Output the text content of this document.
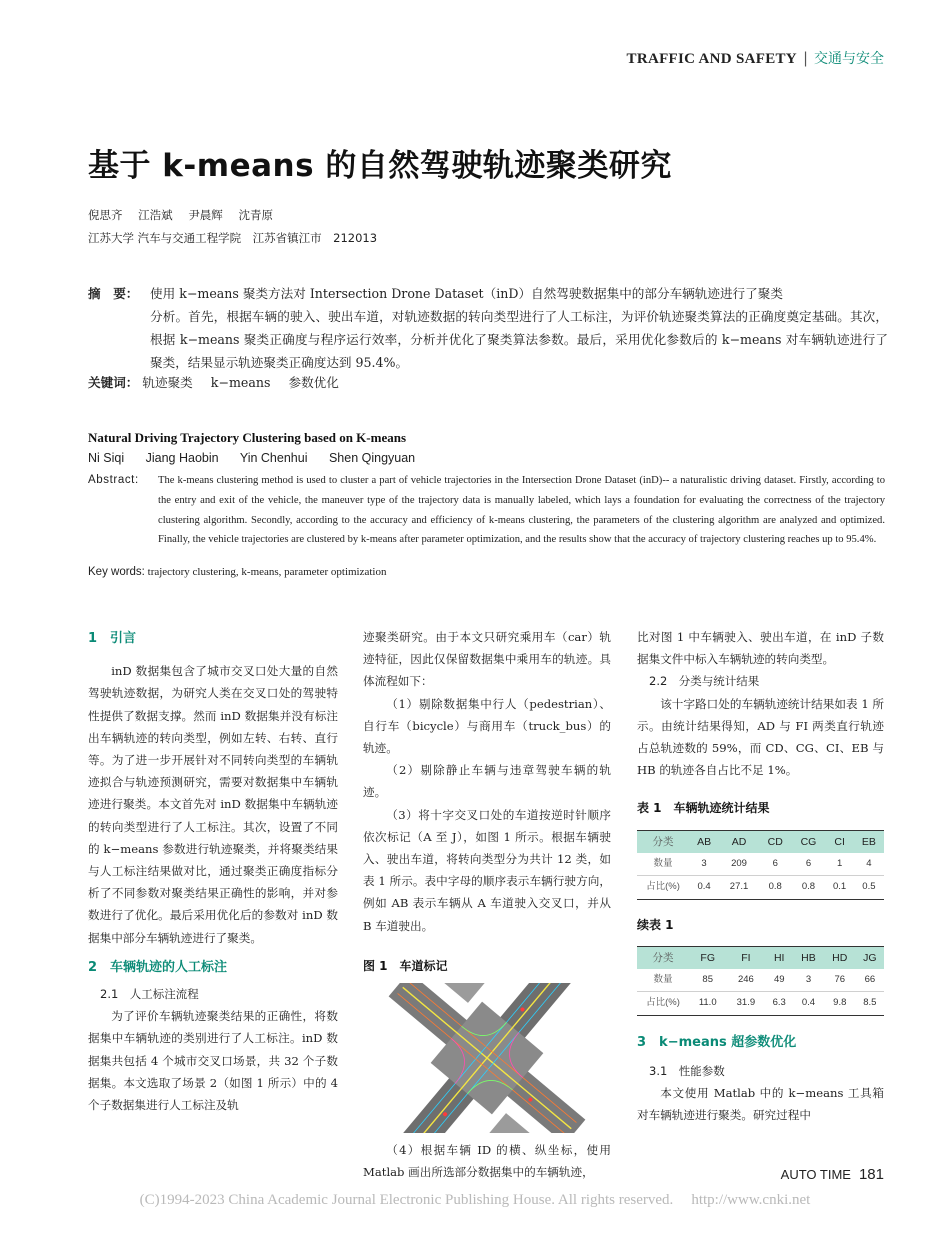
TRAFFIC AND SAFETY | 交通与安全
基于 k-means 的自然驾驶轨迹聚类研究
倪思齐 江浩斌 尹晨辉 沈青原
江苏大学 汽车与交通工程学院　江苏省镇江市　212013
摘　要： 使用 k−means 聚类方法对 Intersection Drone Dataset（inD）自然驾驶数据集中的部分车辆轨迹进行了聚类
分析。首先，根据车辆的驶入、驶出车道，对轨迹数据的转向类型进行了人工标注，为评价轨迹聚类算法的正确度奠定基础。其次，根据 k−means 聚类正确度与程序运行效率，分析并优化了聚类算法参数。最后，采用优化参数后的 k−means 对车辆轨迹进行了聚类，结果显示轨迹聚类正确度达到 95.4%。
关键词： 轨迹聚类 k−means 参数优化
Natural Driving Trajectory Clustering based on K-means
Ni Siqi Jiang Haobin Yin Chenhui Shen Qingyuan
Abstract: The k-means clustering method is used to cluster a part of vehicle trajectories in the Intersection Drone Dataset (inD)-- a naturalistic driving dataset. Firstly, according to the entry and exit of the vehicle, the maneuver type of the trajectory data is manually labeled, which lays a foundation for evaluating the correctness of the trajectory clustering algorithm. Secondly, according to the accuracy and efficiency of k-means clustering, the parameters of the clustering algorithm are analyzed and optimized. Finally, the vehicle trajectories are clustered by k-means after parameter optimization, and the results show that the accuracy of trajectory clustering reaches up to 95.4%.
Key words: trajectory clustering, k-means, parameter optimization
1　引言

inD 数据集包含了城市交叉口处大量的自然驾驶轨迹数据，为研究人类在交叉口处的驾驶特性提供了数据支撑。然而 inD 数据集并没有标注出车辆轨迹的转向类型，例如左转、右转、直行等。为了进一步开展针对不同转向类型的车辆轨迹拟合与轨迹预测研究，需要对数据集中车辆轨迹进行聚类。本文首先对 inD 数据集中车辆轨迹的转向类型进行了人工标注。其次，设置了不同的 k−means 参数进行轨迹聚类，并将聚类结果与人工标注结果做对比，通过聚类正确度指标分析了不同参数对聚类结果正确性的影响，并对参数进行了优化。最后采用优化后的参数对 inD 数据集中部分车辆轨迹进行了聚类。

2　车辆轨迹的人工标注
2.1　人工标注流程

为了评价车辆轨迹聚类结果的正确性，将数据集中车辆轨迹的类别进行了人工标注。inD 数据集共包括 4 个城市交叉口场景，共 32 个子数据集。本文选取了场景 2（如图 1 所示）中的 4 个子数据集进行人工标注及轨

迹聚类研究。由于本文只研究乘用车（car）轨迹特征，因此仅保留数据集中乘用车的轨迹。具体流程如下：

（1）剔除数据集中行人（pedestrian）、自行车（bicycle）与商用车（truck_bus）的轨迹。

（2）剔除静止车辆与违章驾驶车辆的轨迹。

（3）将十字交叉口处的车道按逆时针顺序依次标记（A 至 J），如图 1 所示。根据车辆驶入、驶出车道，将转向类型分为共计 12 类，如表 1 所示。表中字母的顺序表示车辆行驶方向，例如 AB 表示车辆从 A 车道驶入交叉口，并从 B 车道驶出。

图 1　车道标记

（4）根据车辆 ID 的横、纵坐标，使用 Matlab 画出所选部分数据集中的车辆轨迹，

比对图 1 中车辆驶入、驶出车道，在 inD 子数据集文件中标入车辆轨迹的转向类型。

2.2　分类与统计结果

该十字路口处的车辆轨迹统计结果如表 1 所示。由统计结果得知，AD 与 FI 两类直行轨迹占总轨迹数的 59%，而 CD、CG、CI、EB 与 HB 的轨迹各自占比不足 1%。

表 1　车辆轨迹统计结果
分类	AB	AD	CD	CG	CI	EB
数量	3	209	6	6	1	4
占比(%)	0.4	27.1	0.8	0.8	0.1	0.5
续表 1
分类	FG	FI	HI	HB	HD	JG
数量	85	246	49	3	76	66
占比(%)	11.0	31.9	6.3	0.4	9.8	8.5
3　k−means 超参数优化
3.1　性能参数

本文使用 Matlab 中的 k−means 工具箱对车辆轨迹进行聚类。研究过程中

AUTO TIME 181
(C)1994-2023 China Academic Journal Electronic Publishing House. All rights reserved. http://www.cnki.net
